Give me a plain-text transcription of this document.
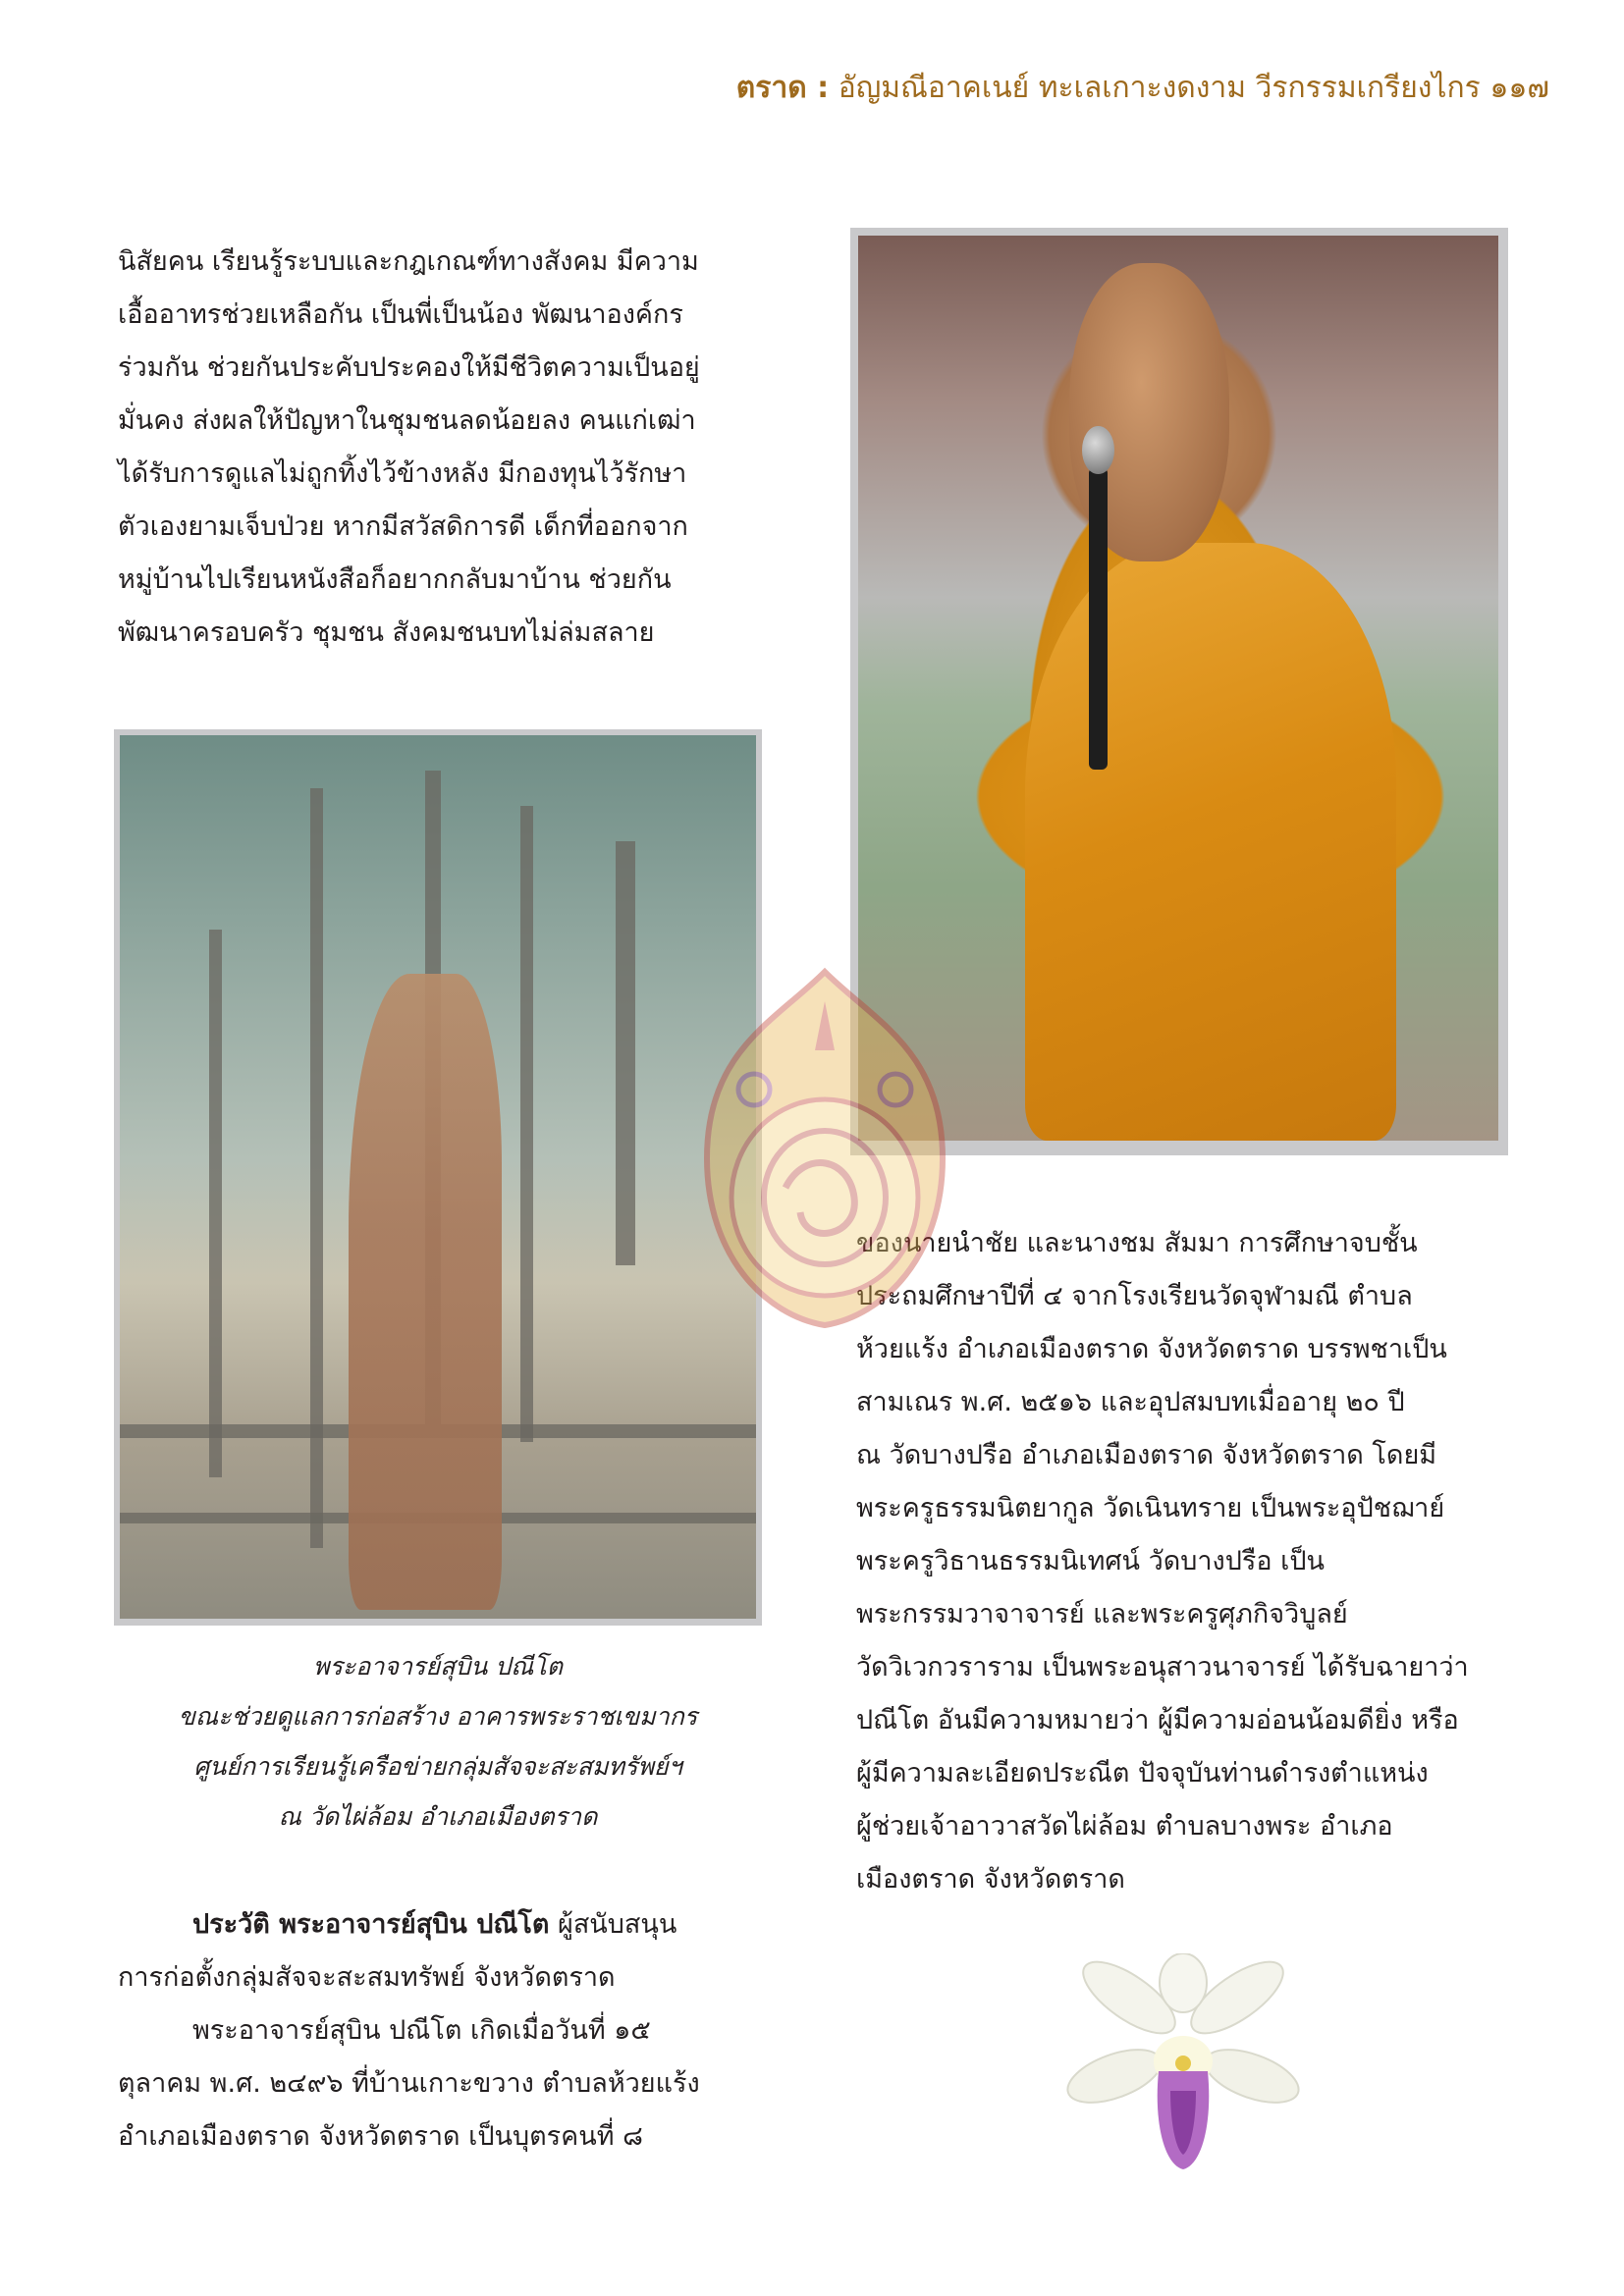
ตราด : อัญมณีอาคเนย์ ทะเลเกาะงดงาม วีรกรรมเกรียงไกร ๑๑๗
นิสัยคน เรียนรู้ระบบและกฎเกณฑ์ทางสังคม มีความ
เอื้ออาทรช่วยเหลือกัน เป็นพี่เป็นน้อง พัฒนาองค์กร
ร่วมกัน ช่วยกันประคับประคองให้มีชีวิตความเป็นอยู่
มั่นคง ส่งผลให้ปัญหาในชุมชนลดน้อยลง คนแก่เฒ่า
ได้รับการดูแลไม่ถูกทิ้งไว้ข้างหลัง มีกองทุนไว้รักษา
ตัวเองยามเจ็บป่วย หากมีสวัสดิการดี เด็กที่ออกจาก
หมู่บ้านไปเรียนหนังสือก็อยากกลับมาบ้าน ช่วยกัน
พัฒนาครอบครัว ชุมชน สังคมชนบทไม่ล่มสลาย
พระอาจารย์สุบิน ปณีโต
ขณะช่วยดูแลการก่อสร้าง อาคารพระราชเขมากร
ศูนย์การเรียนรู้เครือข่ายกลุ่มสัจจะสะสมทรัพย์ฯ
ณ วัดไผ่ล้อม อำเภอเมืองตราด
ประวัติ พระอาจารย์สุบิน ปณีโต ผู้สนับสนุน
การก่อตั้งกลุ่มสัจจะสะสมทรัพย์ จังหวัดตราด
พระอาจารย์สุบิน ปณีโต เกิดเมื่อวันที่ ๑๕
ตุลาคม พ.ศ. ๒๔๙๖ ที่บ้านเกาะขวาง ตำบลห้วยแร้ง
อำเภอเมืองตราด จังหวัดตราด เป็นบุตรคนที่ ๘
ของนายนำชัย และนางชม สัมมา การศึกษาจบชั้น
ประถมศึกษาปีที่ ๔ จากโรงเรียนวัดจุฬามณี ตำบล
ห้วยแร้ง อำเภอเมืองตราด จังหวัดตราด บรรพชาเป็น
สามเณร พ.ศ. ๒๕๑๖ และอุปสมบทเมื่ออายุ ๒๐ ปี
ณ วัดบางปรือ อำเภอเมืองตราด จังหวัดตราด โดยมี
พระครูธรรมนิตยากูล วัดเนินทราย เป็นพระอุปัชฌาย์
พระครูวิธานธรรมนิเทศน์ วัดบางปรือ เป็น
พระกรรมวาจาจารย์ และพระครูศุภกิจวิบูลย์
วัดวิเวกวราราม เป็นพระอนุสาวนาจารย์ ได้รับฉายาว่า
ปณีโต อันมีความหมายว่า ผู้มีความอ่อนน้อมดียิ่ง หรือ
ผู้มีความละเอียดประณีต ปัจจุบันท่านดำรงตำแหน่ง
ผู้ช่วยเจ้าอาวาสวัดไผ่ล้อม ตำบลบางพระ อำเภอ
เมืองตราด จังหวัดตราด
